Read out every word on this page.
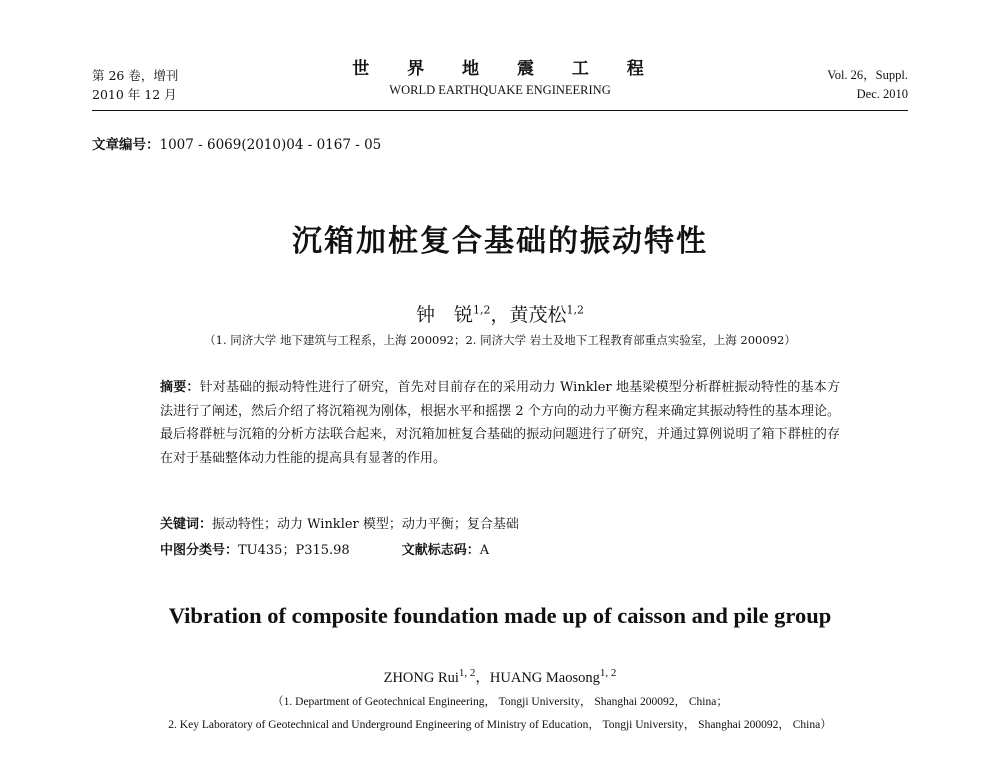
第 26 卷，增刊
2010 年 12 月
世 界 地 震 工 程
WORLD EARTHQUAKE ENGINEERING
Vol. 26，Suppl.
Dec. 2010
文章编号：1007 - 6069(2010)04 - 0167 - 05
沉箱加桩复合基础的振动特性
钟　锐$^{1,2}$，黄茂松$^{1,2}$
（1. 同济大学 地下建筑与工程系，上海 200092；2. 同济大学 岩土及地下工程教育部重点实验室，上海 200092）
摘要：针对基础的振动特性进行了研究，首先对目前存在的采用动力 Winkler 地基梁模型分析群桩振动特性的基本方法进行了阐述，然后介绍了将沉箱视为刚体，根据水平和摇摆 2 个方向的动力平衡方程来确定其振动特性的基本理论。最后将群桩与沉箱的分析方法联合起来，对沉箱加桩复合基础的振动问题进行了研究，并通过算例说明了箱下群桩的存在对于基础整体动力性能的提高具有显著的作用。
关键词：振动特性；动力 Winkler 模型；动力平衡；复合基础
中图分类号：TU435；P315.98	文献标志码：A
Vibration of composite foundation made up of caisson and pile group
ZHONG Rui$^{1, 2}$，HUANG Maosong$^{1, 2}$
（1. Department of Geotechnical Engineering， Tongji University， Shanghai 200092， China；
2. Key Laboratory of Geotechnical and Underground Engineering of Ministry of Education， Tongji University， Shanghai 200092， China）
